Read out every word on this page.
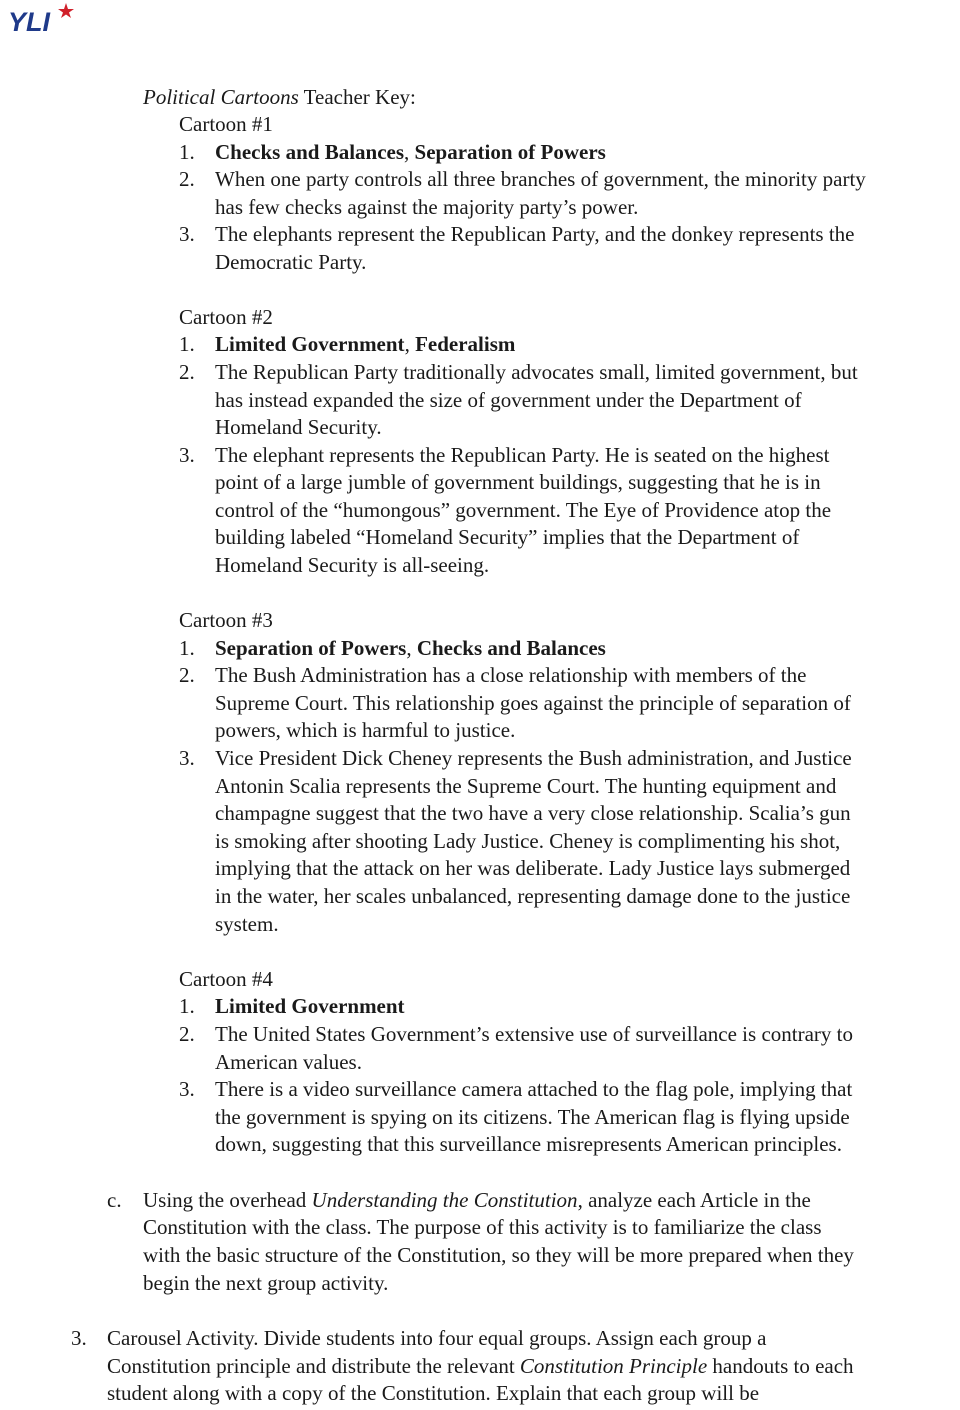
YLI
Political Cartoons Teacher Key:
Cartoon #1
1. Checks and Balances, Separation of Powers
2. When one party controls all three branches of government, the minority party
has few checks against the majority party’s power.
3. The elephants represent the Republican Party, and the donkey represents the
Democratic Party.
Cartoon #2
1. Limited Government, Federalism
2. The Republican Party traditionally advocates small, limited government, but
has instead expanded the size of government under the Department of
Homeland Security.
3. The elephant represents the Republican Party. He is seated on the highest
point of a large jumble of government buildings, suggesting that he is in
control of the “humongous” government. The Eye of Providence atop the
building labeled “Homeland Security” implies that the Department of
Homeland Security is all-seeing.
Cartoon #3
1. Separation of Powers, Checks and Balances
2. The Bush Administration has a close relationship with members of the
Supreme Court. This relationship goes against the principle of separation of
powers, which is harmful to justice.
3. Vice President Dick Cheney represents the Bush administration, and Justice
Antonin Scalia represents the Supreme Court. The hunting equipment and
champagne suggest that the two have a very close relationship. Scalia’s gun
is smoking after shooting Lady Justice. Cheney is complimenting his shot,
implying that the attack on her was deliberate. Lady Justice lays submerged
in the water, her scales unbalanced, representing damage done to the justice
system.
Cartoon #4
1. Limited Government
2. The United States Government’s extensive use of surveillance is contrary to
American values.
3. There is a video surveillance camera attached to the flag pole, implying that
the government is spying on its citizens. The American flag is flying upside
down, suggesting that this surveillance misrepresents American principles.
c. Using the overhead Understanding the Constitution, analyze each Article in the
Constitution with the class. The purpose of this activity is to familiarize the class
with the basic structure of the Constitution, so they will be more prepared when they
begin the next group activity.
3. Carousel Activity. Divide students into four equal groups. Assign each group a
Constitution principle and distribute the relevant Constitution Principle handouts to each
student along with a copy of the Constitution. Explain that each group will be
